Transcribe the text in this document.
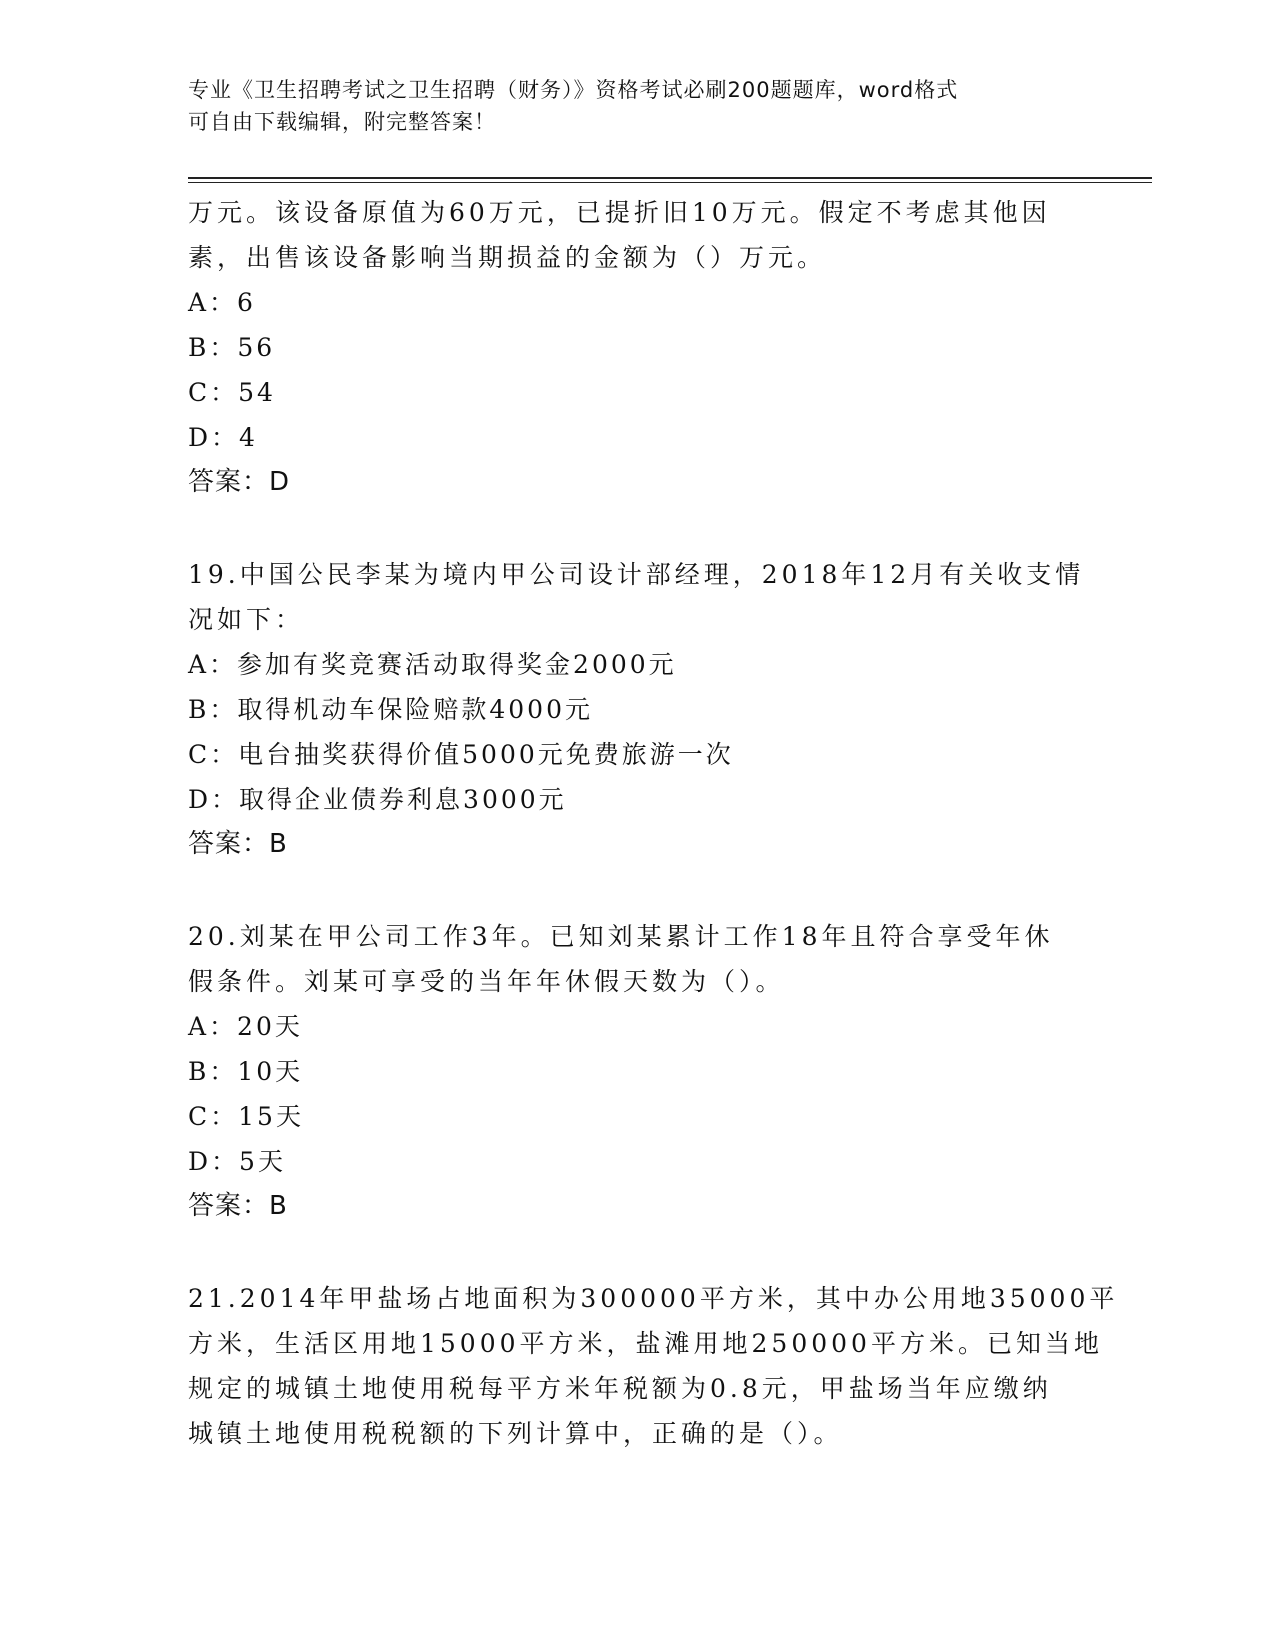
专业《卫生招聘考试之卫生招聘（财务）》资格考试必刷200题题库，word格式
可自由下载编辑，附完整答案！
万元。该设备原值为60万元，已提折旧10万元。假定不考虑其他因
素，出售该设备影响当期损益的金额为（）万元。
A：6
B：56
C：54
D：4
答案：D
19.中国公民李某为境内甲公司设计部经理，2018年12月有关收支情
况如下：
A：参加有奖竞赛活动取得奖金2000元
B：取得机动车保险赔款4000元
C：电台抽奖获得价值5000元免费旅游一次
D：取得企业债券利息3000元
答案：B
20.刘某在甲公司工作3年。已知刘某累计工作18年且符合享受年休
假条件。刘某可享受的当年年休假天数为（）。
A：20天
B：10天
C：15天
D：5天
答案：B
21.2014年甲盐场占地面积为300000平方米，其中办公用地35000平
方米，生活区用地15000平方米，盐滩用地250000平方米。已知当地
规定的城镇土地使用税每平方米年税额为0.8元，甲盐场当年应缴纳
城镇土地使用税税额的下列计算中，正确的是（）。
